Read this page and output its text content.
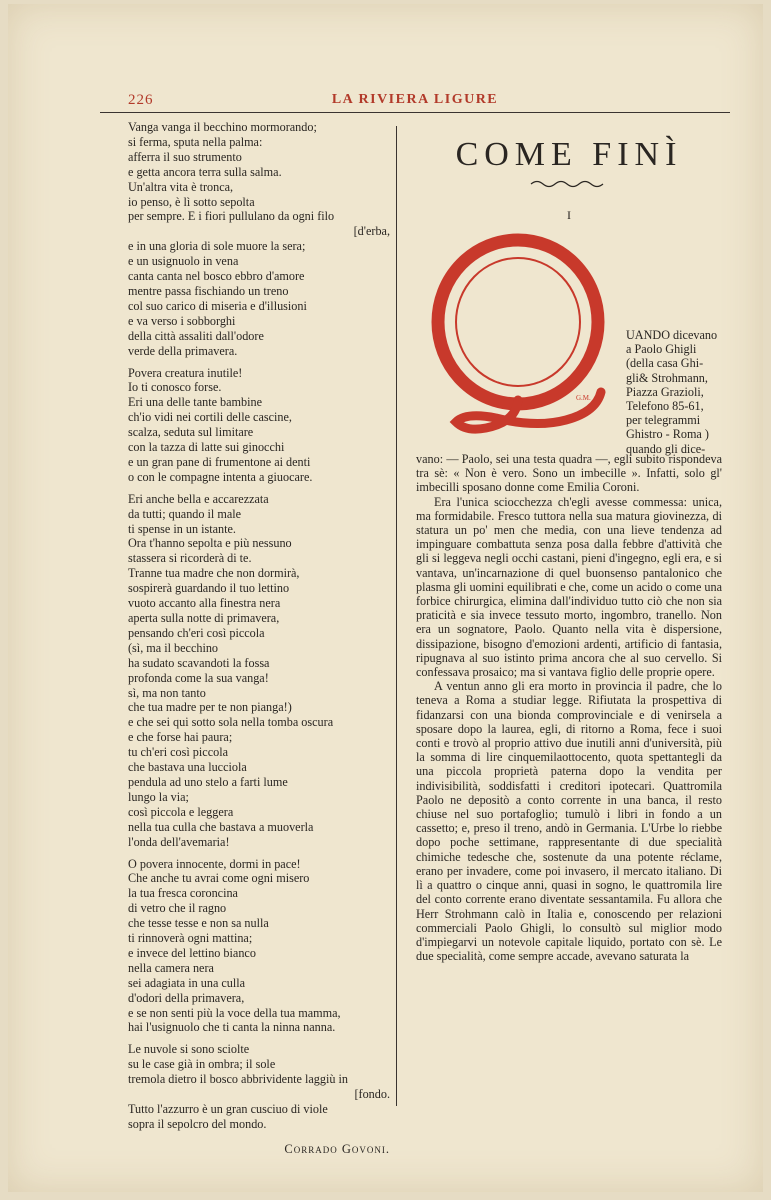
226	LA RIVIERA LIGURE
Vanga vanga il becchino mormorando;
si ferma, sputa nella palma:
afferra il suo strumento
e getta ancora terra sulla salma.
Un'altra vita è tronca,
io penso, è lì sotto sepolta
per sempre. E i fiori pullulano da ogni filo
[d'erba,
e in una gloria di sole muore la sera;
e un usignuolo in vena
canta canta nel bosco ebbro d'amore
mentre passa fischiando un treno
col suo carico di miseria e d'illusioni
e va verso i sobborghi
della città assaliti dall'odore
verde della primavera.
Povera creatura inutile!
Io ti conosco forse.
Eri una delle tante bambine
ch'io vidi nei cortili delle cascine,
scalza, seduta sul limitare
con la tazza di latte sui ginocchi
e un gran pane di frumentone ai denti
o con le compagne intenta a giuocare.
Eri anche bella e accarezzata
da tutti; quando il male
ti spense in un istante.
Ora t'hanno sepolta e più nessuno
stassera si ricorderà di te.
Tranne tua madre che non dormirà,
sospirerà guardando il tuo lettino
vuoto accanto alla finestra nera
aperta sulla notte di primavera,
pensando ch'eri così piccola
(sì, ma il becchino
ha sudato scavandoti la fossa
profonda come la sua vanga!
sì, ma non tanto
che tua madre per te non pianga!)
e che sei qui sotto sola nella tomba oscura
e che forse hai paura;
tu ch'eri così piccola
che bastava una lucciola
pendula ad uno stelo a farti lume
lungo la via;
così piccola e leggera
nella tua culla che bastava a muoverla
l'onda dell'avemaria!
O povera innocente, dormi in pace!
Che anche tu avrai come ogni misero
la tua fresca coroncina
di vetro che il ragno
che tesse tesse e non sa nulla
ti rinnoverà ogni mattina;
e invece del lettino bianco
nella camera nera
sei adagiata in una culla
d'odori della primavera,
e se non senti più la voce della tua mamma,
hai l'usignuolo che ti canta la ninna nanna.
Le nuvole si sono sciolte
su le case già in ombra; il sole
tremola dietro il bosco abbrividente laggiù in
[fondo.
Tutto l'azzurro è un gran cusciuo di viole
sopra il sepolcro del mondo.
Corrado Govoni.
COME FINÌ
I
G.M.
UANDO dicevano
a Paolo Ghigli
(della casa Ghi-
gli& Strohmann,
Piazza Grazioli,
Telefono 85-61,
per telegrammi
Ghistro - Roma )
quando gli dice-

vano: — Paolo, sei una testa quadra —, egli subito rispondeva tra sè: « Non è vero. Sono un imbecille ». Infatti, solo gl' imbecilli sposano donne come Emilia Coroni.

Era l'unica sciocchezza ch'egli avesse commessa: unica, ma formidabile. Fresco tuttora nella sua matura giovinezza, di statura un po' men che media, con una lieve tendenza ad impinguare combattuta senza posa dalla febbre d'attività che gli si leggeva negli occhi castani, pieni d'ingegno, egli era, e si vantava, un'incarnazione di quel buonsenso pantalonico che plasma gli uomini equilibrati e che, come un acido o come una forbice chirurgica, elimina dall'individuo tutto ciò che non sia praticità e sia invece tessuto morto, ingombro, tranello. Non era un sognatore, Paolo. Quanto nella vita è dispersione, dissipazione, bisogno d'emozioni ardenti, artificio di fantasia, ripugnava al suo istinto prima ancora che al suo cervello. Si confessava prosaico; ma si vantava figlio delle proprie opere.

A ventun anno gli era morto in provincia il padre, che lo teneva a Roma a studiar legge. Rifiutata la prospettiva di fidanzarsi con una bionda comprovinciale e di venirsela a sposare dopo la laurea, egli, di ritorno a Roma, fece i suoi conti e trovò al proprio attivo due inutili anni d'università, più la somma di lire cinquemilaottocento, quota spettantegli da una piccola proprietà paterna dopo la vendita per indivisibilità, soddisfatti i creditori ipotecari. Quattromila Paolo ne depositò a conto corrente in una banca, il resto chiuse nel suo portafoglio; tumulò i libri in fondo a un cassetto; e, preso il treno, andò in Germania. L'Urbe lo riebbe dopo poche settimane, rappresentante di due specialità chimiche tedesche che, sostenute da una potente réclame, erano per invadere, come poi invasero, il mercato italiano. Di lì a quattro o cinque anni, quasi in sogno, le quattromila lire del conto corrente erano diventate sessantamila. Fu allora che Herr Strohmann calò in Italia e, conoscendo per relazioni commerciali Paolo Ghigli, lo consultò sul miglior modo d'impiegarvi un notevole capitale liquido, portato con sè. Le due specialità, come sempre accade, avevano saturata la
